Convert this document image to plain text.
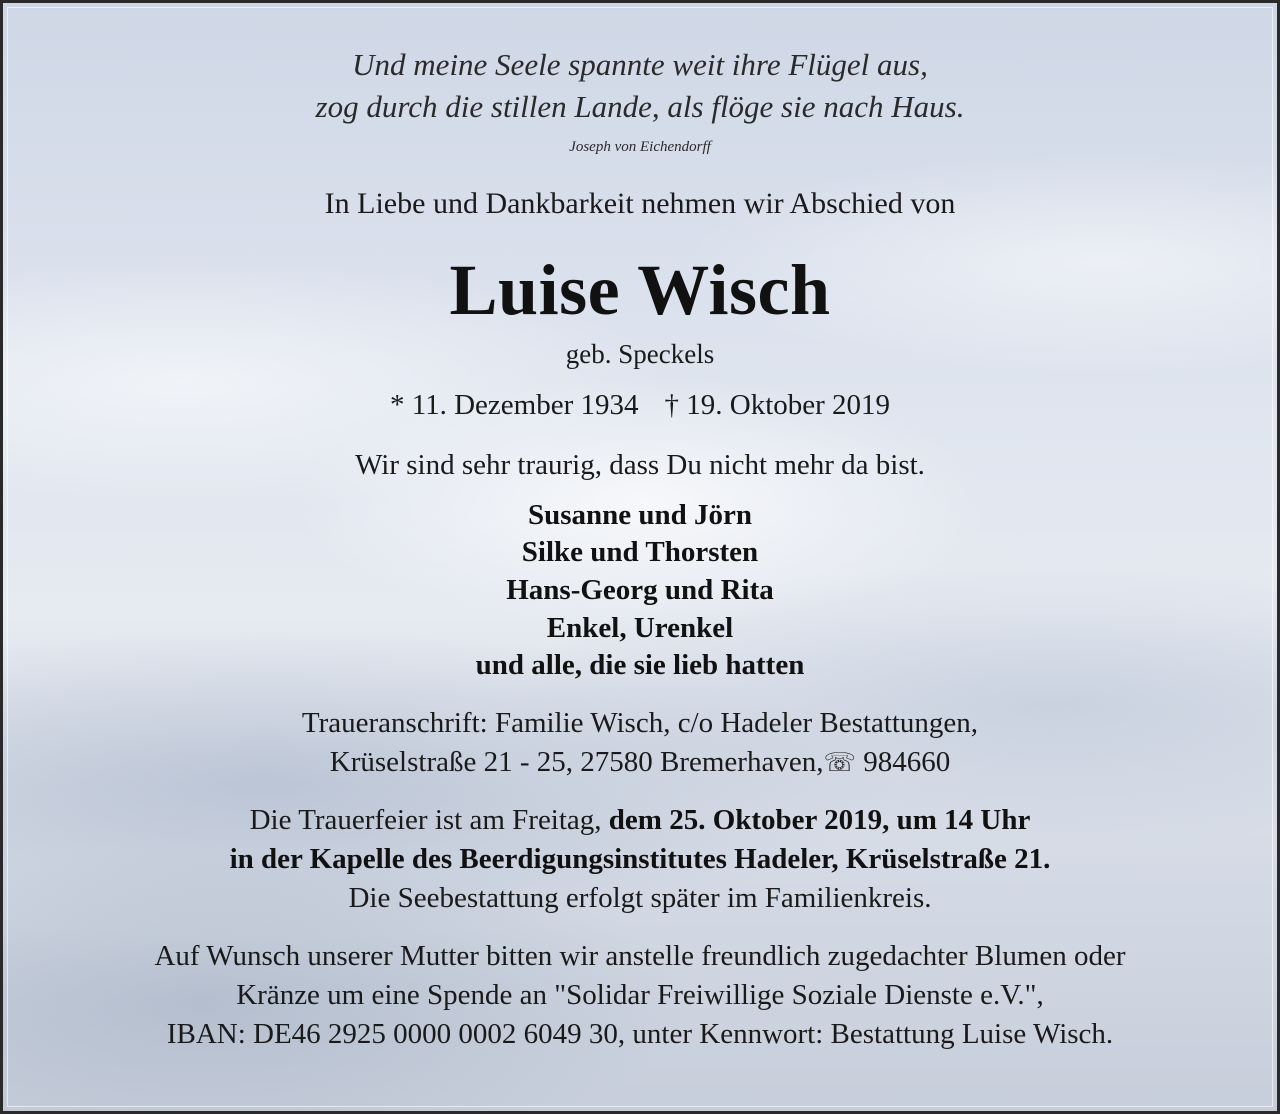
Und meine Seele spannte weit ihre Flügel aus,
zog durch die stillen Lande, als flöge sie nach Haus.
Joseph von Eichendorff
In Liebe und Dankbarkeit nehmen wir Abschied von
Luise Wisch
geb. Speckels
* 11. Dezember 1934 † 19. Oktober 2019
Wir sind sehr traurig, dass Du nicht mehr da bist.
Susanne und Jörn
Silke und Thorsten
Hans-Georg und Rita
Enkel, Urenkel
und alle, die sie lieb hatten
Traueranschrift: Familie Wisch, c/o Hadeler Bestattungen,
Krüselstraße 21 - 25, 27580 Bremerhaven,☏ 984660
Die Trauerfeier ist am Freitag, dem 25. Oktober 2019, um 14 Uhr
in der Kapelle des Beerdigungsinstitutes Hadeler, Krüselstraße 21.
Die Seebestattung erfolgt später im Familienkreis.
Auf Wunsch unserer Mutter bitten wir anstelle freundlich zugedachter Blumen oder
Kränze um eine Spende an "Solidar Freiwillige Soziale Dienste e.V.",
IBAN: DE46 2925 0000 0002 6049 30, unter Kennwort: Bestattung Luise Wisch.
